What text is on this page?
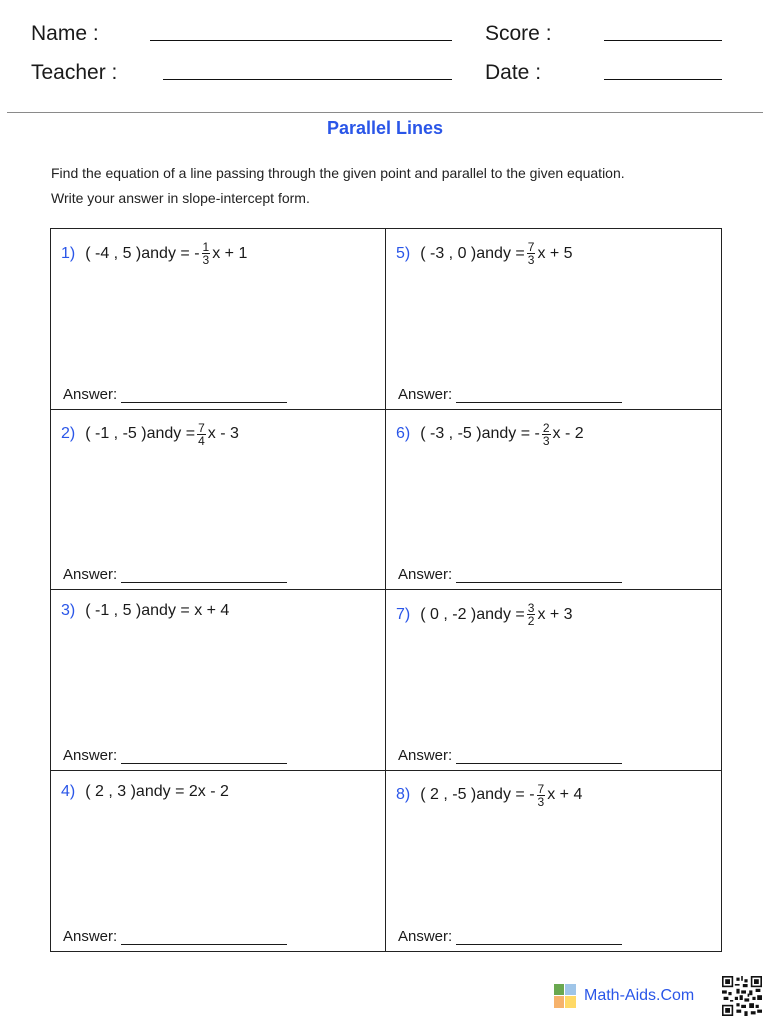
Name :
Teacher :
Score :
Date :
Parallel Lines
Find the equation of a line passing through the given point and parallel to the given equation.
Write your answer in slope-intercept form.
1) ( -4 , 5 ) and y = - $\frac{1}{3}$ x + 1
Answer:
5) ( -3 , 0 ) and $y = \frac{7}{3}$ x + 5
Answer:
2) ( -1 , -5 ) and $y = \frac{7}{4}$ x - 3
Answer:
6) ( -3 , -5 ) and y = - $\frac{2}{3}$ x - 2
Answer:
3) ( -1 , 5 ) and y = x + 4
Answer:
7) ( 0 , -2 ) and $y = \frac{3}{2}$ x + 3
Answer:
4) ( 2 , 3 ) and y = 2x - 2
Answer:
8) ( 2 , -5 ) and y = - $\frac{7}{3}$ x + 4
Answer:
Math-Aids.Com
